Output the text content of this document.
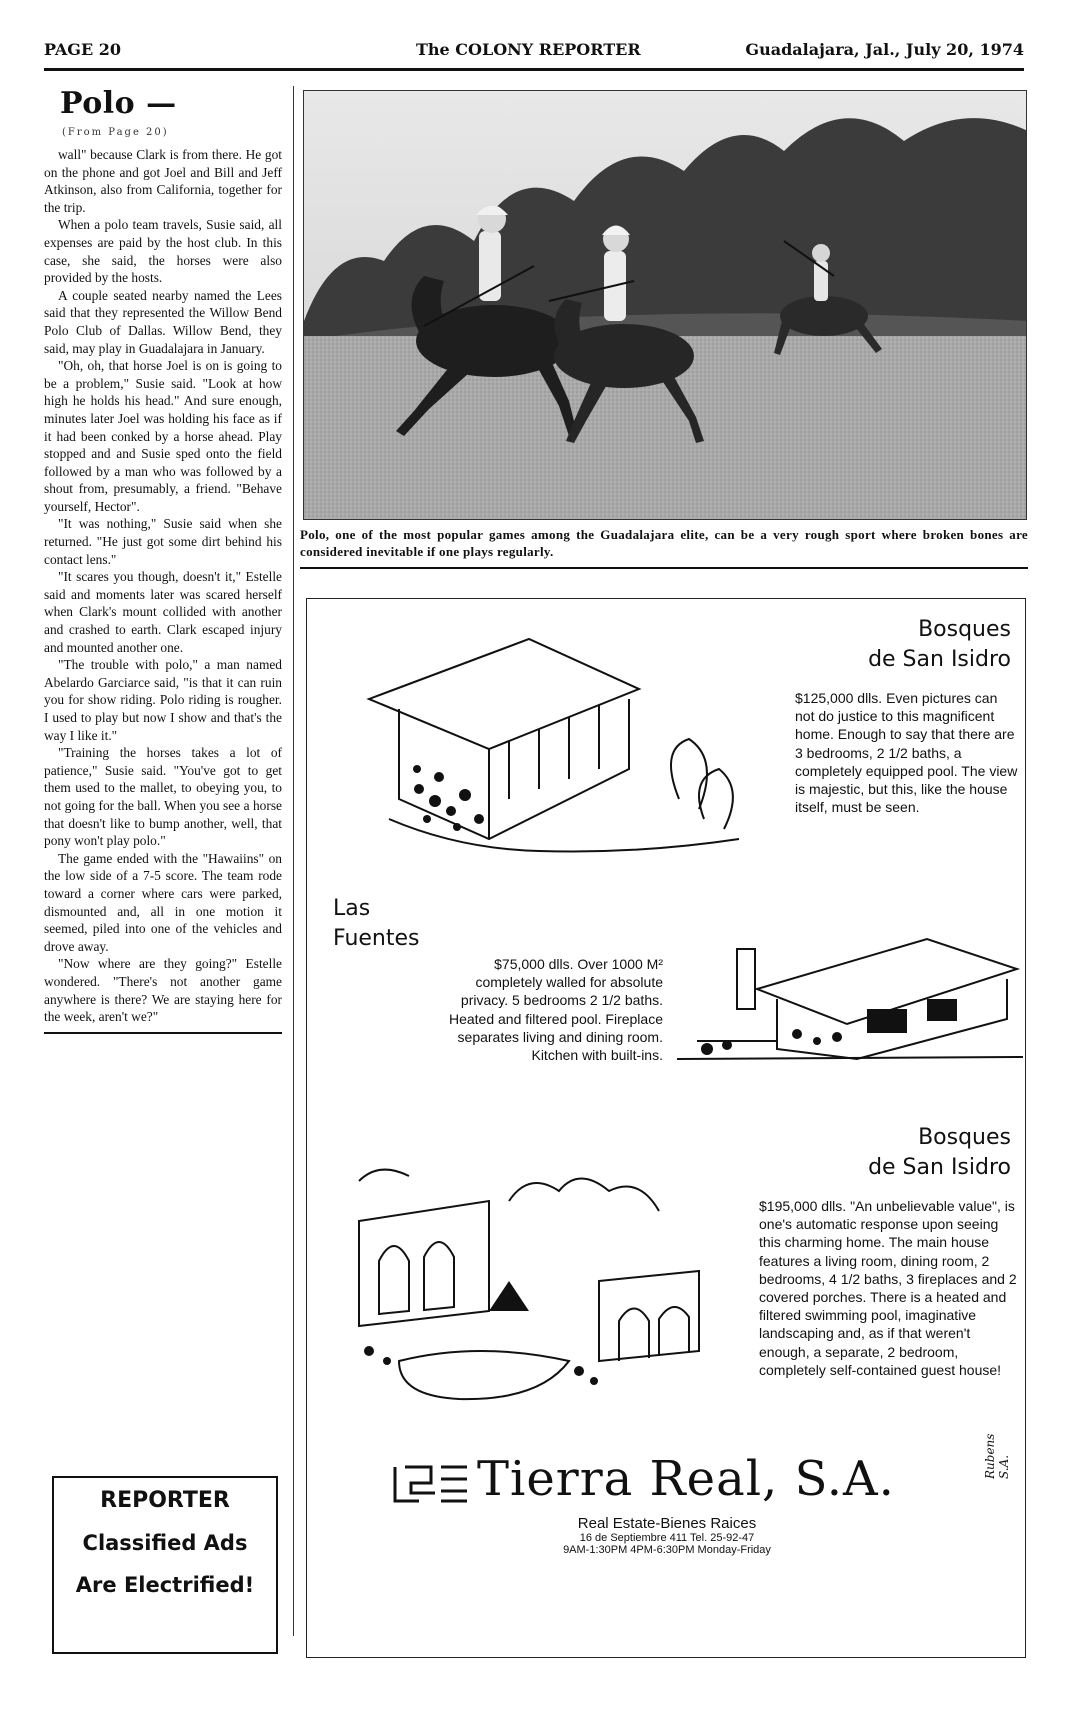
PAGE 20	The COLONY REPORTER	Guadalajara, Jal., July 20, 1974
Polo —
(From Page 20)

wall" because Clark is from there. He got on the phone and got Joel and Bill and Jeff Atkinson, also from California, together for the trip.

When a polo team travels, Susie said, all expenses are paid by the host club. In this case, she said, the horses were also provided by the hosts.

A couple seated nearby named the Lees said that they represented the Willow Bend Polo Club of Dallas. Willow Bend, they said, may play in Guadalajara in January.

"Oh, oh, that horse Joel is on is going to be a problem," Susie said. "Look at how high he holds his head." And sure enough, minutes later Joel was holding his face as if it had been conked by a horse ahead. Play stopped and and Susie sped onto the field followed by a man who was followed by a shout from, presumably, a friend. "Behave yourself, Hector".

"It was nothing," Susie said when she returned. "He just got some dirt behind his contact lens."

"It scares you though, doesn't it," Estelle said and moments later was scared herself when Clark's mount collided with another and crashed to earth. Clark escaped injury and mounted another one.

"The trouble with polo," a man named Abelardo Garciarce said, "is that it can ruin you for show riding. Polo riding is rougher. I used to play but now I show and that's the way I like it."

"Training the horses takes a lot of patience," Susie said. "You've got to get them used to the mallet, to obeying you, to not going for the ball. When you see a horse that doesn't like to bump another, well, that pony won't play polo."

The game ended with the "Hawaiins" on the low side of a 7-5 score. The team rode toward a corner where cars were parked, dismounted and, all in one motion it seemed, piled into one of the vehicles and drove away.

"Now where are they going?" Estelle wondered. "There's not another game anywhere is there? We are staying here for the week, aren't we?"

REPORTER
Classified Ads
Are Electrified!
Polo, one of the most popular games among the Guadalajara elite, can be a very rough sport where broken bones are considered inevitable if one plays regularly.
Bosques
de San Isidro
$125,000 dlls. Even pictures can not do justice to this magnificent home. Enough to say that there are 3 bedrooms, 2 1/2 baths, a completely equipped pool. The view is majestic, but this, like the house itself, must be seen.
Las
Fuentes
$75,000 dlls. Over 1000 M² completely walled for absolute privacy. 5 bedrooms 2 1/2 baths. Heated and filtered pool. Fireplace separates living and dining room. Kitchen with built-ins.
Bosques
de San Isidro
$195,000 dlls. "An unbelievable value", is one's automatic response upon seeing this charming home. The main house features a living room, dining room, 2 bedrooms, 4 1/2 baths, 3 fireplaces and 2 covered porches. There is a heated and filtered swimming pool, imaginative landscaping and, as if that weren't enough, a separate, 2 bedroom, completely self-contained guest house!
Tierra Real, S.A.
Real Estate-Bienes Raices
16 de Septiembre 411 Tel. 25-92-47
9AM-1:30PM 4PM-6:30PM Monday-Friday
Rubens S.A.
